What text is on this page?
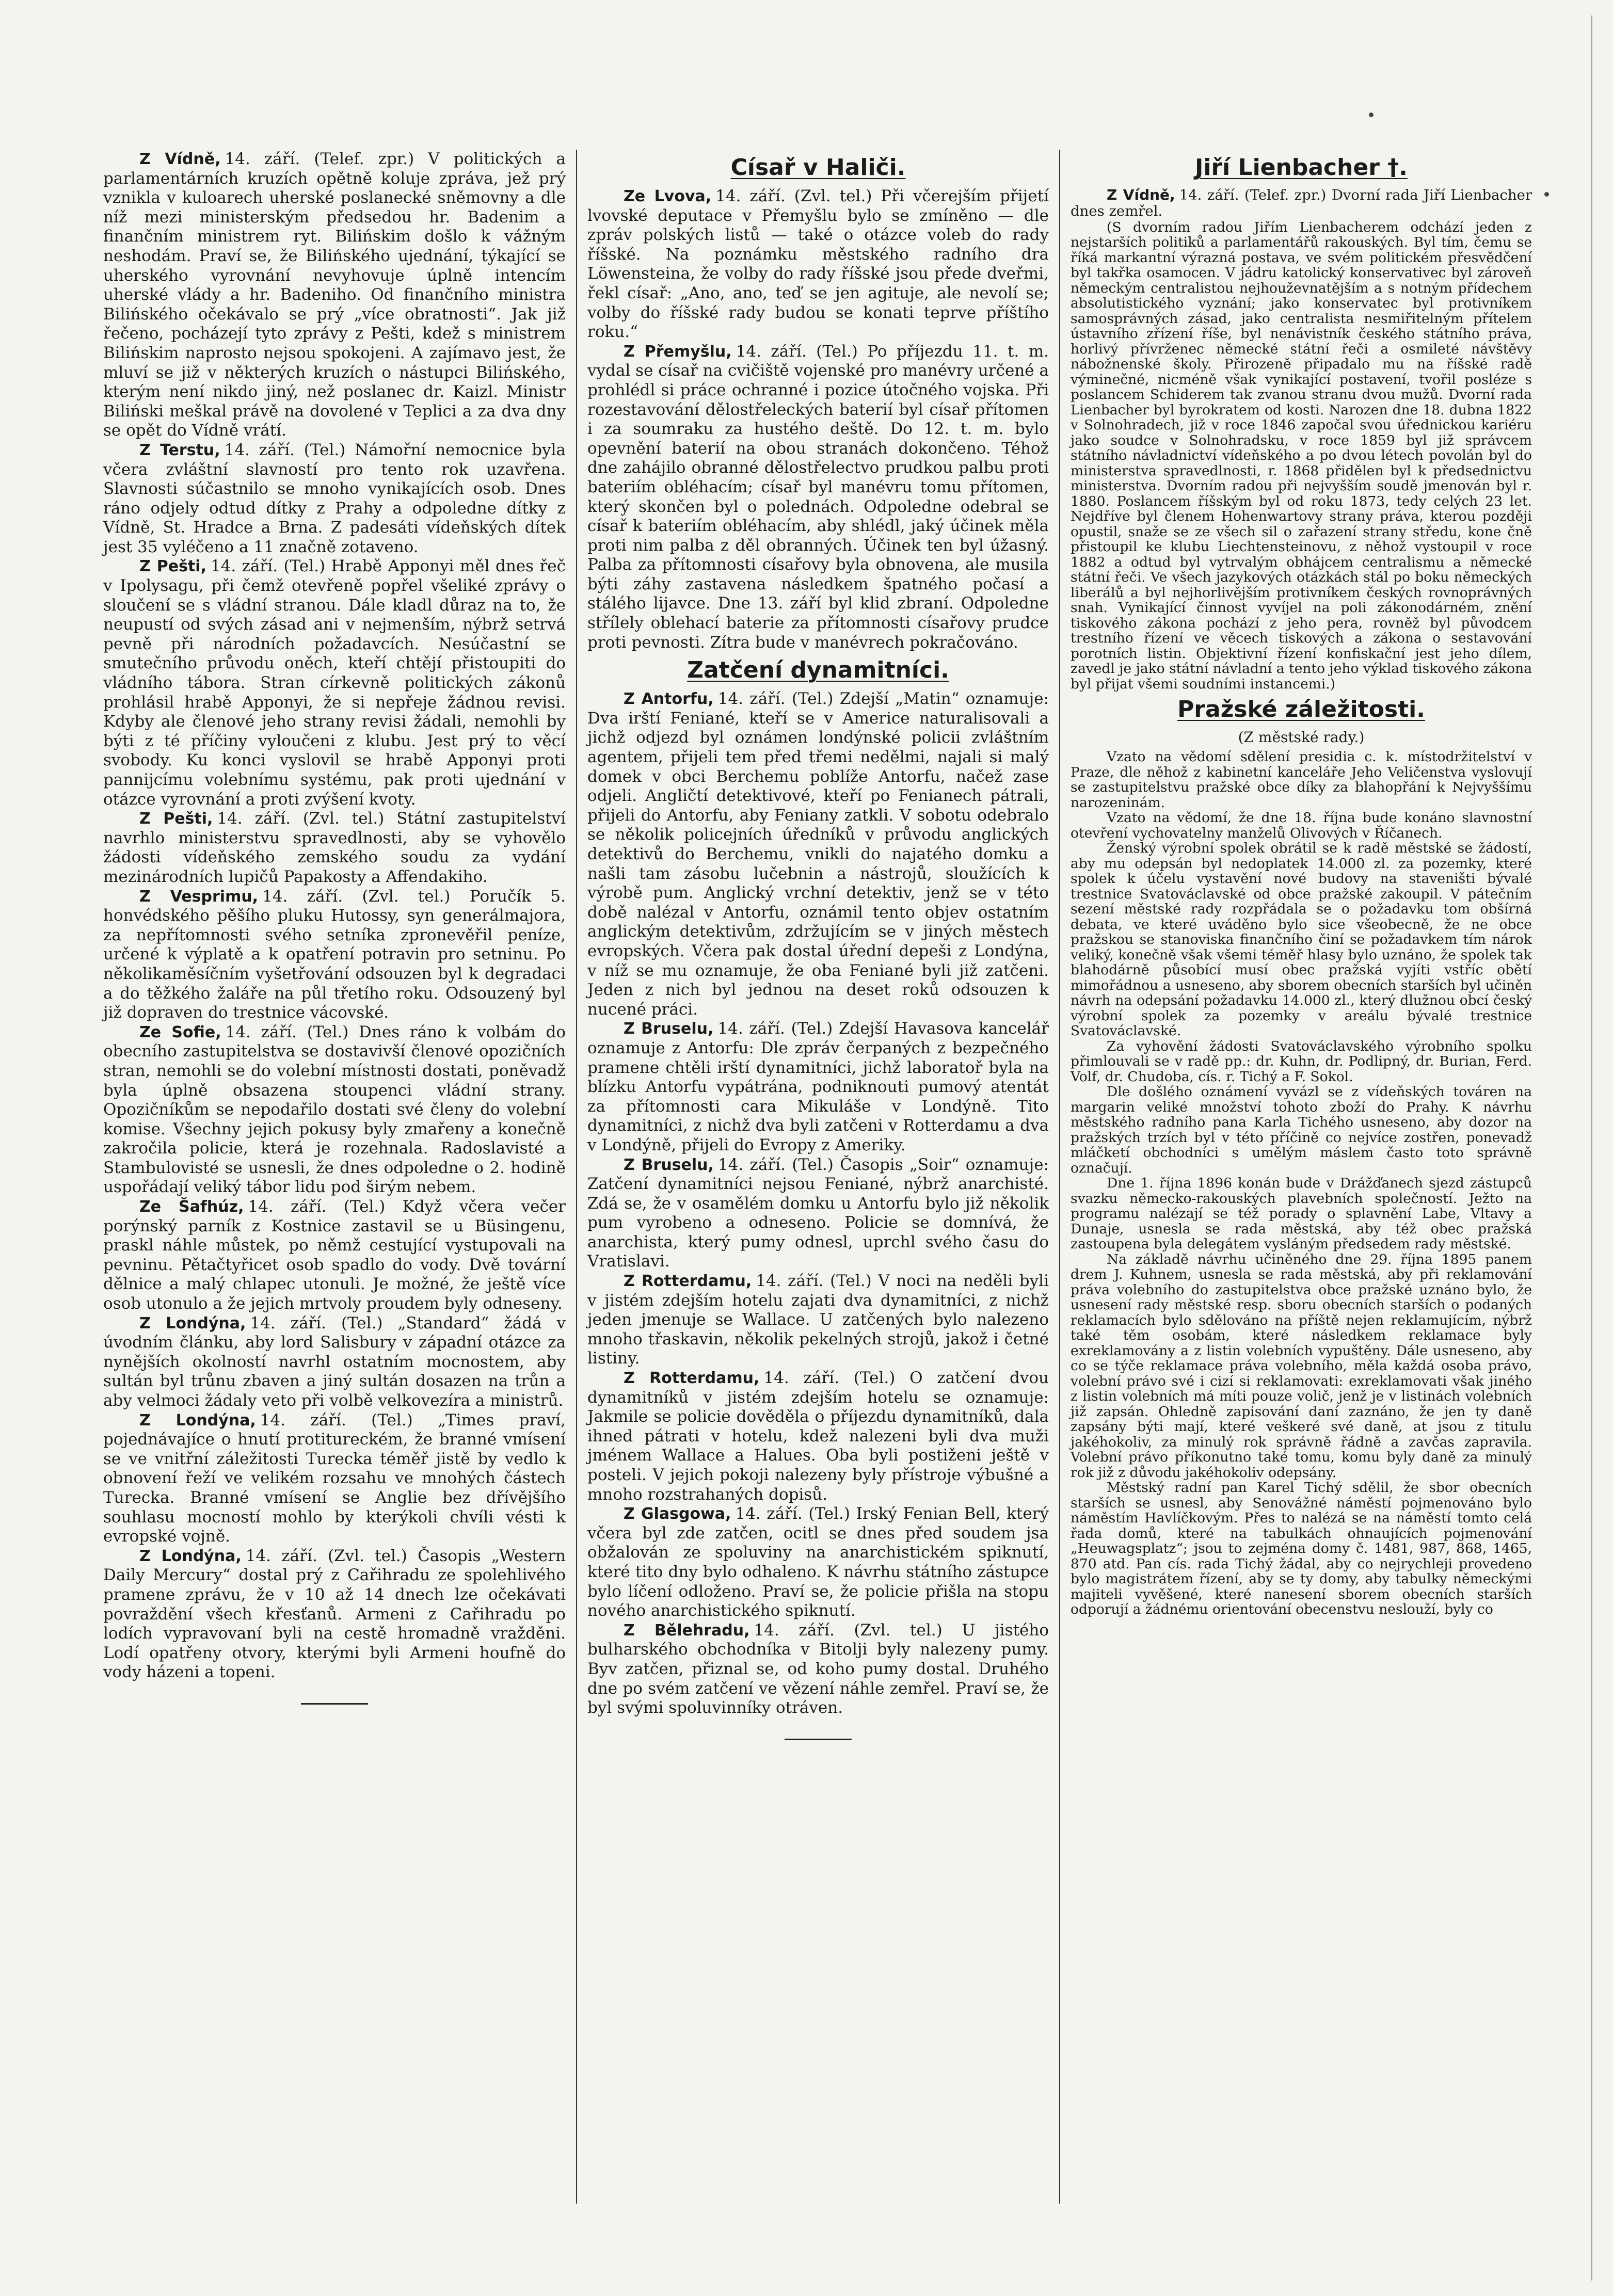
Z Vídně, 14. září. (Telef. zpr.) V politických a parlamentárních kruzích opětně koluje zpráva, jež prý vznikla v kuloarech uherské poslanecké sněmovny a dle níž mezi ministerským předsedou hr. Badenim a finančním ministrem ryt. Bilińskim došlo k vážným neshodám. Praví se, že Bilińského ujednání, týkající se uherského vyrovnání nevyhovuje úplně intencím uherské vlády a hr. Badeniho. Od finančního ministra Bilińského očekávalo se prý „více obratnosti“. Jak již řečeno, pocházejí tyto zprávy z Pešti, kdež s ministrem Bilińskim naprosto nejsou spokojeni. A zajímavo jest, že mluví se již v některých kruzích o nástupci Bilińského, kterým není nikdo jiný, než poslanec dr. Kaizl. Ministr Biliński meškal právě na dovolené v Teplici a za dva dny se opět do Vídně vrátí.

Z Terstu, 14. září. (Tel.) Námořní nemocnice byla včera zvláštní slavností pro tento rok uzavřena. Slavnosti súčastnilo se mnoho vynikajících osob. Dnes ráno odjely odtud dítky z Prahy a odpoledne dítky z Vídně, St. Hradce a Brna. Z padesáti vídeňských dítek jest 35 vyléčeno a 11 značně zotaveno.

Z Pešti, 14. září. (Tel.) Hrabě Apponyi měl dnes řeč v Ipolysagu, při čemž otevřeně popřel všeliké zprávy o sloučení se s vládní stranou. Dále kladl důraz na to, že neupustí od svých zásad ani v nejmenším, nýbrž setrvá pevně při národních požadavcích. Nesúčastní se smutečního průvodu oněch, kteří chtějí přistoupiti do vládního tábora. Stran církevně politických zákonů prohlásil hrabě Apponyi, že si nepřeje žádnou revisi. Kdyby ale členové jeho strany revisi žádali, nemohli by býti z té příčiny vyloučeni z klubu. Jest prý to věcí svobody. Ku konci vyslovil se hrabě Apponyi proti pannijcímu volebnímu systému, pak proti ujednání v otázce vyrovnání a proti zvýšení kvoty.

Z Pešti, 14. září. (Zvl. tel.) Státní zastupitelství navrhlo ministerstvu spravedlnosti, aby se vyhovělo žádosti vídeňského zemského soudu za vydání mezinárodních lupičů Papakosty a Affendakiho.

Z Vesprimu, 14. září. (Zvl. tel.) Poručík 5. honvédského pěšího pluku Hutossy, syn generálmajora, za nepřítomnosti svého setníka zpronevěřil peníze, určené k výplatě a k opatření potravin pro setninu. Po několikaměsíčním vyšetřování odsouzen byl k degradaci a do těžkého žaláře na půl třetího roku. Odsouzený byl již dopraven do trestnice vácovské.

Ze Sofie, 14. září. (Tel.) Dnes ráno k volbám do obecního zastupitelstva se dostavivší členové opozičních stran, nemohli se do volební místnosti dostati, poněvadž byla úplně obsazena stoupenci vládní strany. Opozičníkům se nepodařilo dostati své členy do volební komise. Všechny jejich pokusy byly zmařeny a konečně zakročila policie, která je rozehnala. Radoslavisté a Stambulovisté se usnesli, že dnes odpoledne o 2. hodině uspořádají veliký tábor lidu pod širým nebem.

Ze Šafhúz, 14. září. (Tel.) Když včera večer porýnský parník z Kostnice zastavil se u Büsingenu, praskl náhle můstek, po němž cestující vystupovali na pevninu. Pětačtyřicet osob spadlo do vody. Dvě tovární dělnice a malý chlapec utonuli. Je možné, že ještě více osob utonulo a že jejich mrtvoly proudem byly odneseny.

Z Londýna, 14. září. (Tel.) „Standard“ žádá v úvodním článku, aby lord Salisbury v západní otázce za nynějších okolností navrhl ostatním mocnostem, aby sultán byl trůnu zbaven a jiný sultán dosazen na trůn a aby velmoci žádaly veto při volbě velkovezíra a ministrů.

Z Londýna, 14. září. (Tel.) „Times praví, pojednávajíce o hnutí protitureckém, že branné vmísení se ve vnitřní záležitosti Turecka téměř jistě by vedlo k obnovení řeží ve velikém rozsahu ve mnohých částech Turecka. Branné vmísení se Anglie bez dřívějšího souhlasu mocností mohlo by kterýkoli chvíli vésti k evropské vojně.

Z Londýna, 14. září. (Zvl. tel.) Časopis „Western Daily Mercury“ dostal prý z Cařihradu ze spolehlivého pramene zprávu, že v 10 až 14 dnech lze očekávati povraždění všech křesťanů. Armeni z Cařihradu po lodích vypravovaní byli na cestě hromadně vražděni. Lodí opatřeny otvory, kterými byli Armeni houfně do vody házeni a topeni.

Císař v Haliči.

Ze Lvova, 14. září. (Zvl. tel.) Při včerejším přijetí lvovské deputace v Přemyšlu bylo se zmíněno — dle zpráv polských listů — také o otázce voleb do rady říšské. Na poznámku městského radního dra Löwensteina, že volby do rady říšské jsou přede dveřmi, řekl císař: „Ano, ano, teď se jen agituje, ale nevolí se; volby do říšské rady budou se konati teprve příštího roku.“

Z Přemyšlu, 14. září. (Tel.) Po příjezdu 11. t. m. vydal se císař na cvičiště vojenské pro manévry určené a prohlédl si práce ochranné i pozice útočného vojska. Při rozestavování dělostřeleckých baterií byl císař přítomen i za soumraku za hustého deště. Do 12. t. m. bylo opevnění baterií na obou stranách dokončeno. Téhož dne zahájilo obranné dělostřelectvo prudkou palbu proti bateriím obléhacím; císař byl manévru tomu přítomen, který skončen byl o polednách. Odpoledne odebral se císař k bateriím obléhacím, aby shlédl, jaký účinek měla proti nim palba z děl obranných. Účinek ten byl úžasný. Palba za přítomnosti císařovy byla obnovena, ale musila býti záhy zastavena následkem špatného počasí a stálého lijavce. Dne 13. září byl klid zbraní. Odpoledne střílely oblehací baterie za přítomnosti císařovy prudce proti pevnosti. Zítra bude v manévrech pokračováno.

Zatčení dynamitníci.

Z Antorfu, 14. září. (Tel.) Zdejší „Matin“ oznamuje: Dva irští Feniané, kteří se v Americe naturalisovali a jichž odjezd byl oznámen londýnské policii zvláštním agentem, přijeli tem před třemi nedělmi, najali si malý domek v obci Berchemu poblíže Antorfu, načež zase odjeli. Angličtí detektivové, kteří po Fenianech pátrali, přijeli do Antorfu, aby Feniany zatkli. V sobotu odebralo se několik policejních úředníků v průvodu anglických detektivů do Berchemu, vnikli do najatého domku a našli tam zásobu lučebnin a nástrojů, sloužících k výrobě pum. Anglický vrchní detektiv, jenž se v této době nalézal v Antorfu, oznámil tento objev ostatním anglickým detektivům, zdržujícím se v jiných městech evropských. Včera pak dostal úřední depeši z Londýna, v níž se mu oznamuje, že oba Feniané byli již zatčeni. Jeden z nich byl jednou na deset roků odsouzen k nucené práci.

Z Bruselu, 14. září. (Tel.) Zdejší Havasova kancelář oznamuje z Antorfu: Dle zpráv čerpaných z bezpečného pramene chtěli irští dynamitníci, jichž laboratoř byla na blízku Antorfu vypátrána, podniknouti pumový atentát za přítomnosti cara Mikuláše v Londýně. Tito dynamitníci, z nichž dva byli zatčeni v Rotterdamu a dva v Londýně, přijeli do Evropy z Ameriky.

Z Bruselu, 14. září. (Tel.) Časopis „Soir“ oznamuje: Zatčení dynamitníci nejsou Feniané, nýbrž anarchisté. Zdá se, že v osamělém domku u Antorfu bylo již několik pum vyrobeno a odneseno. Policie se domnívá, že anarchista, který pumy odnesl, uprchl svého času do Vratislavi.

Z Rotterdamu, 14. září. (Tel.) V noci na neděli byli v jistém zdejším hotelu zajati dva dynamitníci, z nichž jeden jmenuje se Wallace. U zatčených bylo nalezeno mnoho třaskavin, několik pekelných strojů, jakož i četné listiny.

Z Rotterdamu, 14. září. (Tel.) O zatčení dvou dynamitníků v jistém zdejším hotelu se oznamuje: Jakmile se policie dověděla o příjezdu dynamitníků, dala ihned pátrati v hotelu, kdež nalezeni byli dva muži jménem Wallace a Halues. Oba byli postiženi ještě v posteli. V jejich pokoji nalezeny byly přístroje výbušné a mnoho rozstrahaných dopisů.

Z Glasgowa, 14. září. (Tel.) Irský Fenian Bell, který včera byl zde zatčen, ocitl se dnes před soudem jsa obžalován ze spoluviny na anarchistickém spiknutí, které tito dny bylo odhaleno. K návrhu státního zástupce bylo líčení odloženo. Praví se, že policie přišla na stopu nového anarchistického spiknutí.

Z Bělehradu, 14. září. (Zvl. tel.) U jistého bulharského obchodníka v Bitolji byly nalezeny pumy. Byv zatčen, přiznal se, od koho pumy dostal. Druhého dne po svém zatčení ve vězení náhle zemřel. Praví se, že byl svými spoluvinníky otráven.

Jiří Lienbacher †.

Z Vídně, 14. září. (Telef. zpr.) Dvorní rada Jiří Lienbacher dnes zemřel.

(S dvorním radou Jiřím Lienbacherem odchází jeden z nejstarších politiků a parlamentářů rakouských. Byl tím, čemu se říká markantní výrazná postava, ve svém politickém přesvědčení byl takřka osamocen. V jádru katolický konservativec byl zároveň německým centralistou nejhouževnatějším a s notným přídechem absolutistického vyznání; jako konservatec byl protivníkem samosprávných zásad, jako centralista nesmiřitelným přítelem ústavního zřízení říše, byl nenávistník českého státního práva, horlivý přívrženec německé státní řeči a osmileté návštěvy nábožnenské školy. Přirozeně připadalo mu na říšské radě výminečné, nicméně však vynikající postavení, tvořil posléze s poslancem Schiderem tak zvanou stranu dvou mužů. Dvorní rada Lienbacher byl byrokratem od kosti. Narozen dne 18. dubna 1822 v Solnohradech, již v roce 1846 započal svou úřednickou kariéru jako soudce v Solnohradsku, v roce 1859 byl již správcem státního návladnictví vídeňského a po dvou létech povolán byl do ministerstva spravedlnosti, r. 1868 přidělen byl k předsednictvu ministerstva. Dvorním radou při nejvyšším soudě jmenován byl r. 1880. Poslancem říšským byl od roku 1873, tedy celých 23 let. Nejdříve byl členem Hohenwartovy strany práva, kterou později opustil, snaže se ze všech sil o zařazení strany středu, kone čně přistoupil ke klubu Liechtensteinovu, z něhož vystoupil v roce 1882 a odtud byl vytrvalým obhájcem centralismu a německé státní řeči. Ve všech jazykových otázkách stál po boku německých liberálů a byl nejhorlivějším protivníkem českých rovnoprávných snah. Vynikající činnost vyvíjel na poli zákonodárném, znění tiskového zákona pochází z jeho pera, rovněž byl původcem trestního řízení ve věcech tiskových a zákona o sestavování porotních listin. Objektivní řízení konfiskační jest jeho dílem, zavedl je jako státní návladní a tento jeho výklad tiskového zákona byl přijat všemi soudními instancemi.)

Pražské záležitosti.
(Z městské rady.)

Vzato na vědomí sdělení presidia c. k. místodržitelství v Praze, dle něhož z kabinetní kanceláře Jeho Veličenstva vyslovují se zastupitelstvu pražské obce díky za blahopřání k Nejvyššímu narozeninám.

Vzato na vědomí, že dne 18. října bude konáno slavnostní otevření vychovatelny manželů Olivových v Říčanech.

Ženský výrobní spolek obrátil se k radě městské se žádostí, aby mu odepsán byl nedoplatek 14.000 zl. za pozemky, které spolek k účelu vystavění nové budovy na staveništi bývalé trestnice Svatováclavské od obce pražské zakoupil. V pátečním sezení městské rady rozpřádala se o požadavku tom obšírná debata, ve které uváděno bylo sice všeobecně, že ne obce pražskou se stanoviska finančního činí se požadavkem tím nárok veliký, konečně však všemi téměř hlasy bylo uznáno, že spolek tak blahodárně působící musí obec pražská vyjíti vstříc obětí mimořádnou a usneseno, aby sborem obecních starších byl učiněn návrh na odepsání požadavku 14.000 zl., který dlužnou obcí český výrobní spolek za pozemky v areálu bývalé trestnice Svatováclavské.

Za vyhovění žádosti Svatováclavského výrobního spolku přimlouvali se v radě pp.: dr. Kuhn, dr. Podlipný, dr. Burian, Ferd. Volf, dr. Chudoba, cís. r. Tichý a F. Sokol.

Dle došlého oznámení vyvázl se z vídeňských továren na margarin veliké množství tohoto zboží do Prahy. K návrhu městského radního pana Karla Tichého usneseno, aby dozor na pražských trzích byl v této příčině co nejvíce zostřen, ponevadž mláčketí obchodníci s umělým máslem často toto správně označují.

Dne 1. října 1896 konán bude v Drážďanech sjezd zástupců svazku německo-rakouských plavebních společností. Ježto na programu nalézají se též porady o splavnění Labe, Vltavy a Dunaje, usnesla se rada městská, aby též obec pražská zastoupena byla delegátem vysláným předsedem rady městské.

Na základě návrhu učiněného dne 29. října 1895 panem drem J. Kuhnem, usnesla se rada městská, aby při reklamování práva volebního do zastupitelstva obce pražské uznáno bylo, že usnesení rady městské resp. sboru obecních starších o podaných reklamacích bylo sdělováno na příště nejen reklamujícím, nýbrž také těm osobám, které následkem reklamace byly exreklamovány a z listin volebních vypuštěny. Dále usneseno, aby co se týče reklamace práva volebního, měla každá osoba právo, volební právo své i cizí si reklamovati: exreklamovati však jiného z listin volebních má míti pouze volič, jenž je v listinách volebních již zapsán. Ohledně zapisování daní zaznáno, že jen ty daně zapsány býti mají, které veškeré své daně, at jsou z titulu jakéhokoliv, za minulý rok správně řádně a zavčas zapravila. Volební právo příkonutno také tomu, komu byly daně za minulý rok již z důvodu jakéhokoliv odepsány.

Městský radní pan Karel Tichý sdělil, že sbor obecních starších se usnesl, aby Senovážné náměstí pojmenováno bylo náměstím Havlíčkovým. Přes to nalézá se na náměstí tomto celá řada domů, které na tabulkách ohnaujících pojmenování „Heuwagsplatz“; jsou to zejména domy č. 1481, 987, 868, 1465, 870 atd. Pan cís. rada Tichý žádal, aby co nejrychleji provedeno bylo magistrátem řízení, aby se ty domy, aby tabulky německými majiteli vyvěšené, které nanesení sborem obecních starších odporují a žádnému orientování obecenstvu neslouží, byly co
